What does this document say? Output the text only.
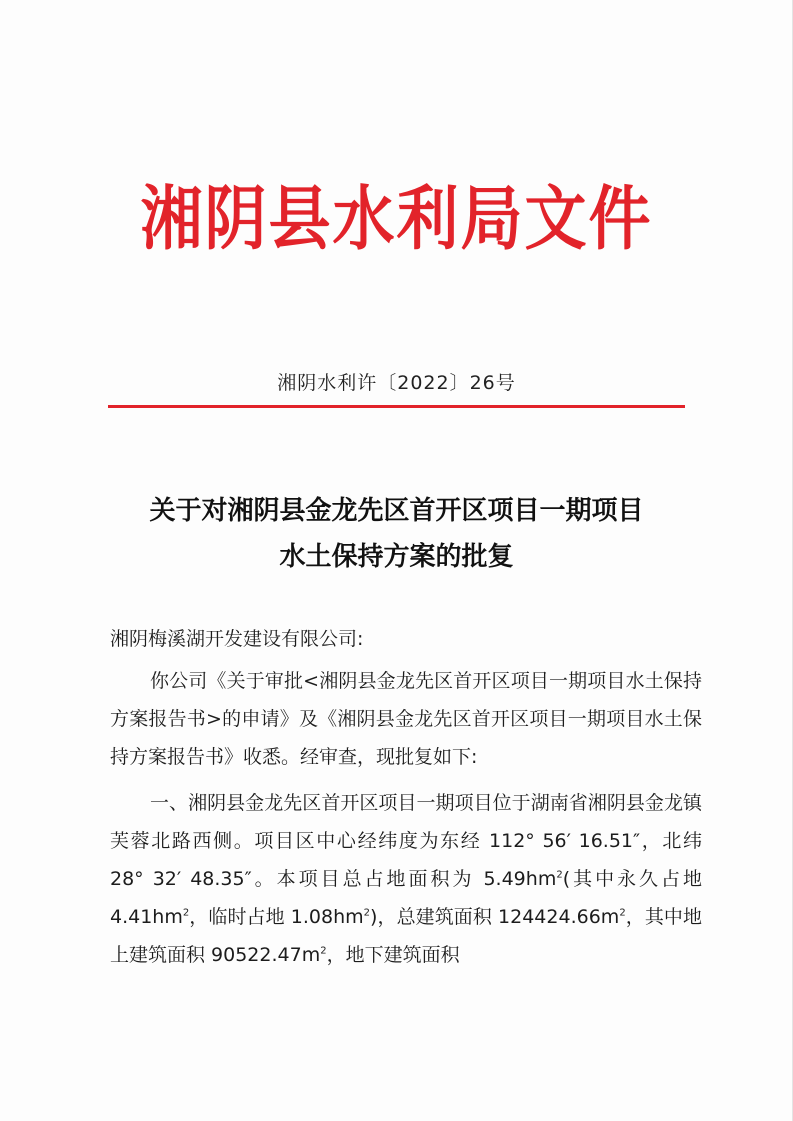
湘阴县水利局文件
湘阴水利许〔2022〕26号
关于对湘阴县金龙先区首开区项目一期项目
水土保持方案的批复
湘阴梅溪湖开发建设有限公司:
你公司《关于审批<湘阴县金龙先区首开区项目一期项目水土保持方案报告书>的申请》及《湘阴县金龙先区首开区项目一期项目水土保持方案报告书》收悉。经审查，现批复如下:
一、湘阴县金龙先区首开区项目一期项目位于湖南省湘阴县金龙镇芙蓉北路西侧。项目区中心经纬度为东经 112° 56′ 16.51″，北纬 28° 32′ 48.35″。本项目总占地面积为 $5.49hm^2$(其中永久占地 $4.41hm^2$，临时占地 $1.08hm^2$)，总建筑面积 $124424.66m^2$，其中地上建筑面积 $90522.47m^2$，地下建筑面积
